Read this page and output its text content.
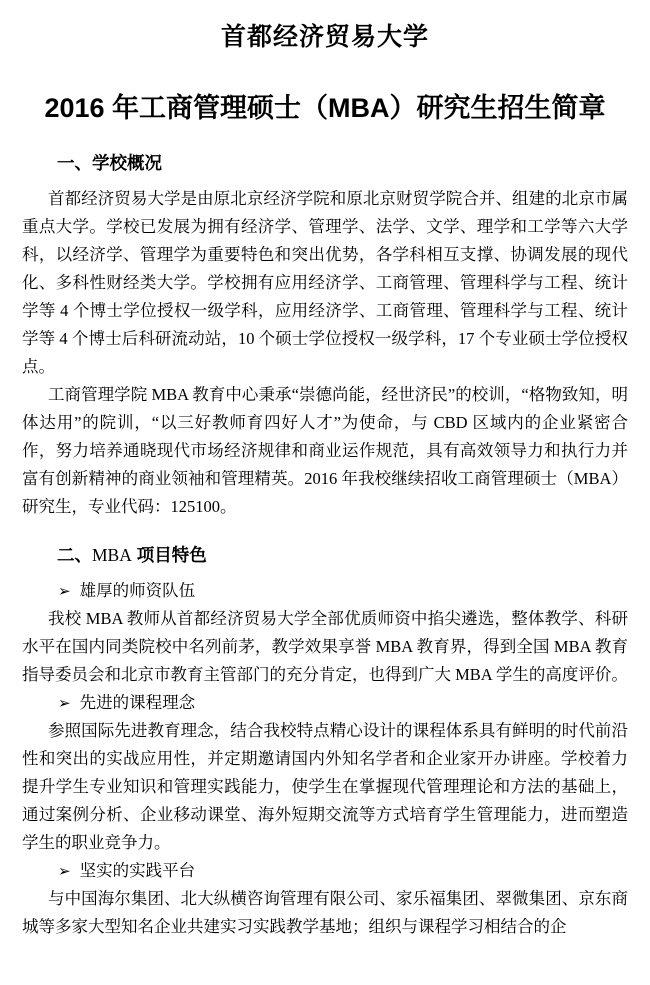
首都经济贸易大学
2016 年工商管理硕士（MBA）研究生招生简章
一、学校概况

首都经济贸易大学是由原北京经济学院和原北京财贸学院合并、组建的北京市属重点大学。学校已发展为拥有经济学、管理学、法学、文学、理学和工学等六大学科，以经济学、管理学为重要特色和突出优势，各学科相互支撑、协调发展的现代化、多科性财经类大学。学校拥有应用经济学、工商管理、管理科学与工程、统计学等 4 个博士学位授权一级学科，应用经济学、工商管理、管理科学与工程、统计学等 4 个博士后科研流动站，10 个硕士学位授权一级学科，17 个专业硕士学位授权点。

工商管理学院 MBA 教育中心秉承“崇德尚能，经世济民”的校训，“格物致知，明体达用”的院训，“以三好教师育四好人才”为使命，与 CBD 区域内的企业紧密合作，努力培养通晓现代市场经济规律和商业运作规范，具有高效领导力和执行力并富有创新精神的商业领袖和管理精英。2016 年我校继续招收工商管理硕士（MBA）研究生，专业代码：125100。

二、MBA 项目特色

➢ 雄厚的师资队伍

我校 MBA 教师从首都经济贸易大学全部优质师资中掐尖遴选，整体教学、科研水平在国内同类院校中名列前茅，教学效果享誉 MBA 教育界，得到全国 MBA 教育指导委员会和北京市教育主管部门的充分肯定，也得到广大 MBA 学生的高度评价。

➢ 先进的课程理念

参照国际先进教育理念，结合我校特点精心设计的课程体系具有鲜明的时代前沿性和突出的实战应用性，并定期邀请国内外知名学者和企业家开办讲座。学校着力提升学生专业知识和管理实践能力，使学生在掌握现代管理理论和方法的基础上，通过案例分析、企业移动课堂、海外短期交流等方式培育学生管理能力，进而塑造学生的职业竞争力。

➢ 坚实的实践平台

与中国海尔集团、北大纵横咨询管理有限公司、家乐福集团、翠微集团、京东商城等多家大型知名企业共建实习实践教学基地；组织与课程学习相结合的企
